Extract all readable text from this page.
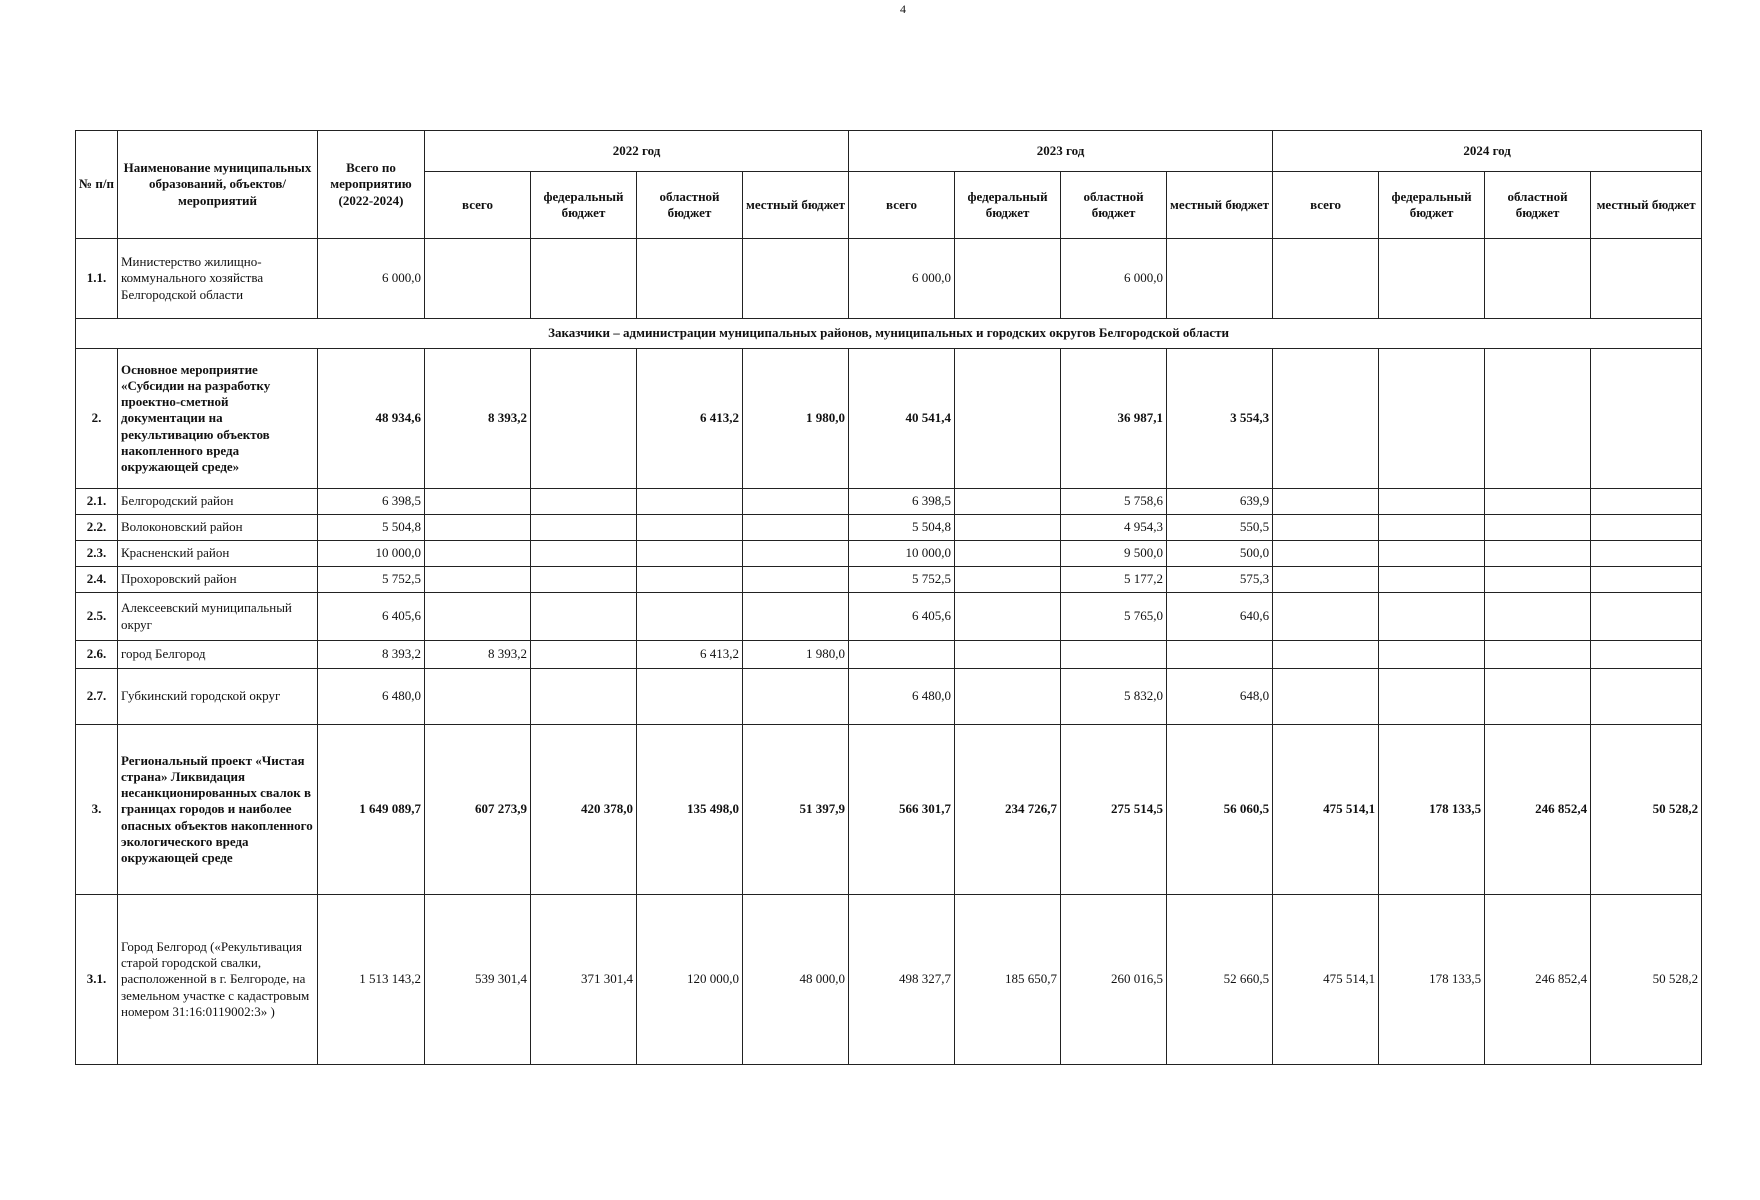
4
№ п/п	Наименование муниципальных образований, объектов/мероприятий	Всего по мероприятию (2022-2024)	2022 год				2023 год				2024 год			
			всего	федеральный бюджет	областной бюджет	местный бюджет	всего	федеральный бюджет	областной бюджет	местный бюджет	всего	федеральный бюджет	областной бюджет	местный бюджет
1.1.	Министерство жилищно-коммунального хозяйства Белгородской области	6 000,0					6 000,0		6 000,0					
Заказчики – администрации муниципальных районов, муниципальных и городских округов Белгородской области														
2.	Основное мероприятие «Субсидии на разработку проектно-сметной документации на рекультивацию объектов накопленного вреда окружающей среде»	48 934,6	8 393,2		6 413,2	1 980,0	40 541,4		36 987,1	3 554,3				
2.1.	Белгородский район	6 398,5					6 398,5		5 758,6	639,9				
2.2.	Волоконовский район	5 504,8					5 504,8		4 954,3	550,5				
2.3.	Красненский район	10 000,0					10 000,0		9 500,0	500,0				
2.4.	Прохоровский район	5 752,5					5 752,5		5 177,2	575,3				
2.5.	Алексеевский муниципальный округ	6 405,6					6 405,6		5 765,0	640,6				
2.6.	город Белгород	8 393,2	8 393,2		6 413,2	1 980,0								
2.7.	Губкинский городской округ	6 480,0					6 480,0		5 832,0	648,0				
3.	Региональный проект «Чистая страна» Ликвидация несанкционированных свалок в границах городов и наиболее опасных объектов накопленного экологического вреда окружающей среде	1 649 089,7	607 273,9	420 378,0	135 498,0	51 397,9	566 301,7	234 726,7	275 514,5	56 060,5	475 514,1	178 133,5	246 852,4	50 528,2
3.1.	Город Белгород («Рекультивация старой городской свалки, расположенной в г. Белгороде, на земельном участке с кадастровым номером 31:16:0119002:3» )	1 513 143,2	539 301,4	371 301,4	120 000,0	48 000,0	498 327,7	185 650,7	260 016,5	52 660,5	475 514,1	178 133,5	246 852,4	50 528,2
